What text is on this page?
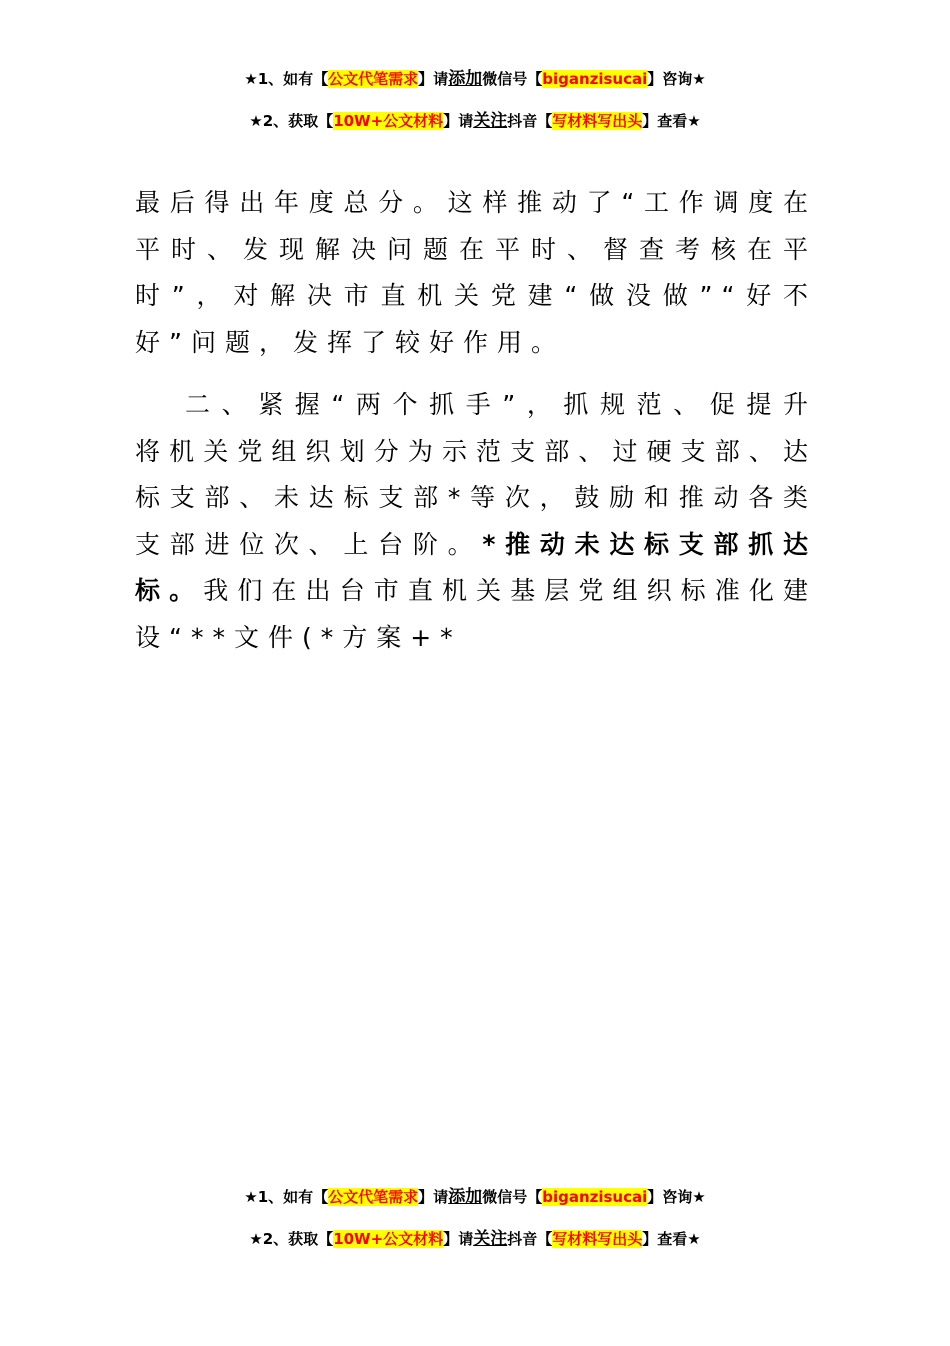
★1、如有【公文代笔需求】请添加微信号【biganzisucai】咨询★
★2、获取【10W+公文材料】请关注抖音【写材料写出头】查看★
最后得出年度总分。这样推动了“工作调度在
平时、发现解决问题在平时、督查考核在平
时”，对解决市直机关党建“做没做”“好不
好”问题，发挥了较好作用。
二、紧握“两个抓手”，抓规范、促提升
将机关党组织划分为示范支部、过硬支部、达
标支部、未达标支部*等次，鼓励和推动各类
支部进位次、上台阶。*推动未达标支部抓达
标。我们在出台市直机关基层党组织标准化建
设“**文件(*方案+*
★1、如有【公文代笔需求】请添加微信号【biganzisucai】咨询★
★2、获取【10W+公文材料】请关注抖音【写材料写出头】查看★
